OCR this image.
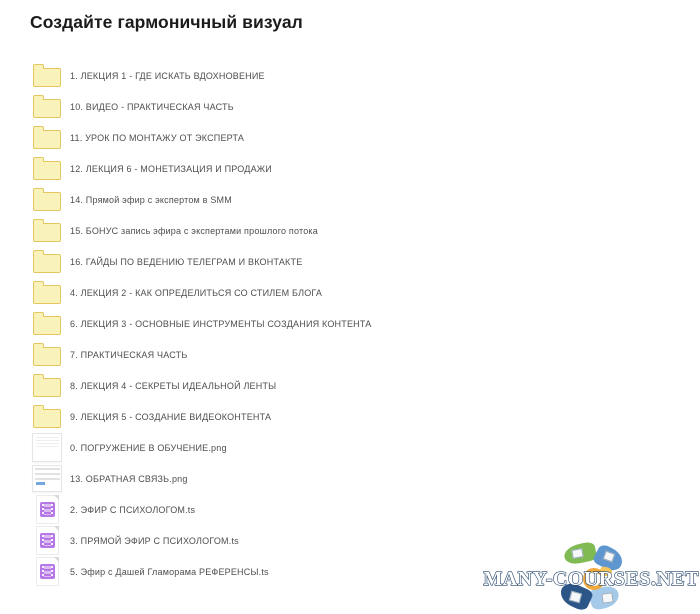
Создайте гармоничный визуал
1. ЛЕКЦИЯ 1 - ГДЕ ИСКАТЬ ВДОХНОВЕНИЕ
10. ВИДЕО - ПРАКТИЧЕСКАЯ ЧАСТЬ
11. УРОК ПО МОНТАЖУ ОТ ЭКСПЕРТА
12. ЛЕКЦИЯ 6 - МОНЕТИЗАЦИЯ И ПРОДАЖИ
14. Прямой эфир с экспертом в SMM
15. БОНУС запись эфира с экспертами прошлого потока
16. ГАЙДЫ ПО ВЕДЕНИЮ ТЕЛЕГРАМ И ВКОНТАКТЕ
4. ЛЕКЦИЯ 2 - КАК ОПРЕДЕЛИТЬСЯ СО СТИЛЕМ БЛОГА
6. ЛЕКЦИЯ 3 - ОСНОВНЫЕ ИНСТРУМЕНТЫ СОЗДАНИЯ КОНТЕНТА
7. ПРАКТИЧЕСКАЯ ЧАСТЬ
8. ЛЕКЦИЯ 4 - СЕКРЕТЫ ИДЕАЛЬНОЙ ЛЕНТЫ
9. ЛЕКЦИЯ 5 - СОЗДАНИЕ ВИДЕОКОНТЕНТА
0. ПОГРУЖЕНИЕ В ОБУЧЕНИЕ.png
13. ОБРАТНАЯ СВЯЗЬ.png
2. ЭФИР С ПСИХОЛОГОМ.ts
3. ПРЯМОЙ ЭФИР С ПСИХОЛОГОМ.ts
5. Эфир с Дашей Гламорама РЕФЕРЕНСЫ.ts	MANY-COURSES.NET
